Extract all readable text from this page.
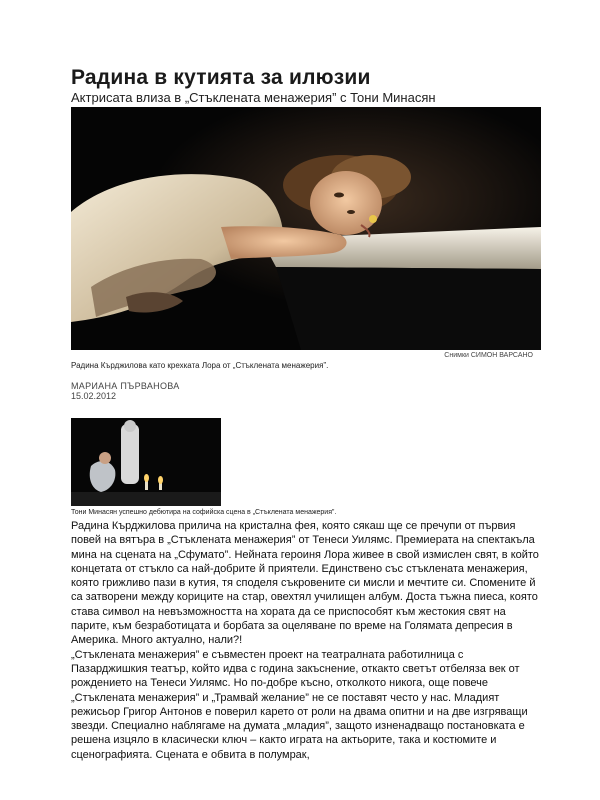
Радина в кутията за илюзии
Актрисата влиза в „Стъклената менажерия” с Тони Минасян
Снимки СИМОН ВАРСАНО
Радина Кърджилова като крехката Лора от „Стъклената менажерия”.
МАРИАНА ПЪРВАНОВА
15.02.2012
Тони Минасян успешно дебютира на софийска сцена в „Стъклената менажерия”.

Радина Кърджилова прилича на кристална фея, която сякаш ще се пречупи от първия повей на вятъра в „Стъклената менажерия” от Тенеси Уилямс. Премиерата на спектакъла мина на сцената на „Сфумато”. Нейната героиня Лора живее в свой измислен свят, в който концетата от стъкло са най-добрите й приятели. Единствено със стъклената менажерия, която грижливо пази в кутия, тя споделя съкровените си мисли и мечтите си. Спомените й са затворени между кориците на стар, овехтял училищен албум. Доста тъжна пиеса, която става символ на невъзможността на хората да се приспособят към жестокия свят на парите, към безработицата и борбата за оцеляване по време на Голямата депресия в Америка. Много актуално, нали?!

„Стъклената менажерия” е съвместен проект на театралната работилница с Пазарджишкия театър, който идва с година закъснение, откакто светът отбеляза век от рождението на Тенеси Уилямс. Но по-добре късно, отколкото никога, още повече „Стъклената менажерия” и „Трамвай желание” не се поставят често у нас. Младият режисьор Григор Антонов е поверил карето от роли на двама опитни и на две изгряващи звезди. Специално наблягаме на думата „младия”, защото изненадващо постановката е решена изцяло в класически ключ – както играта на актьорите, така и костюмите и сценографията. Сцената е обвита в полумрак,
